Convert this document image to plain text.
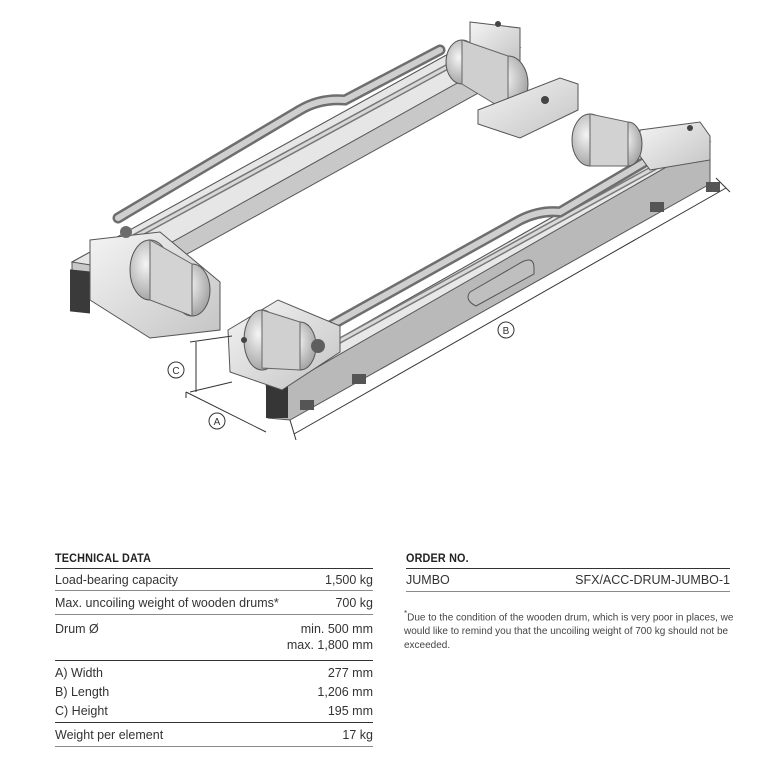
C
A
B
TECHNICAL DATA
Load-bearing capacity	1,500 kg
Max. uncoiling weight of wooden drums*	700 kg
Drum Ø	min. 500 mm
max. 1,800 mm
A) Width	277 mm
B) Length	1,206 mm
C) Height	195 mm
Weight per element	17 kg
ORDER NO.
JUMBO	SFX/ACC-DRUM-JUMBO-1
*Due to the condition of the wooden drum, which is very poor in places, we would like to remind you that the uncoiling weight of 700 kg should not be exceeded.
